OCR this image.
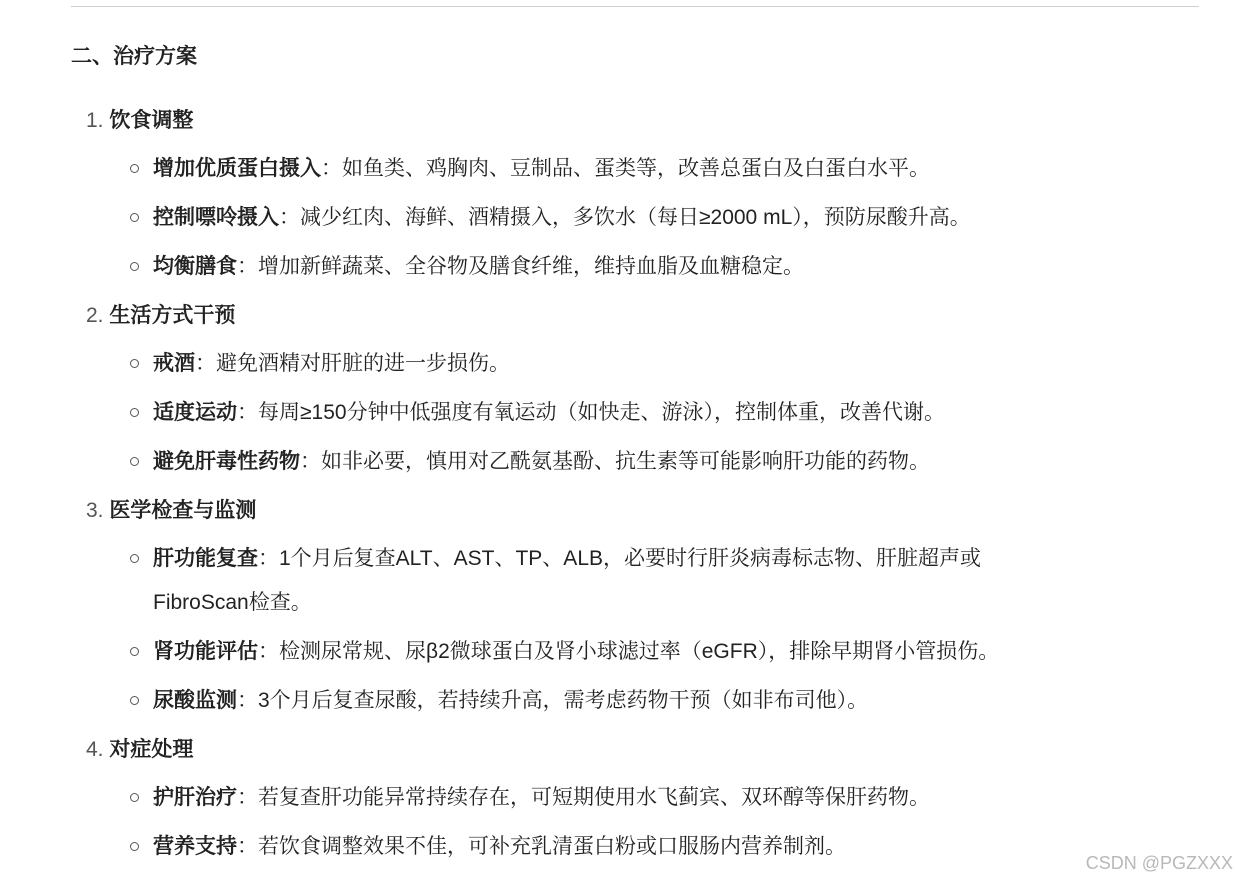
二、治疗方案
1. 饮食调整
增加优质蛋白摄入：如鱼类、鸡胸肉、豆制品、蛋类等，改善总蛋白及白蛋白水平。
控制嘌呤摄入：减少红肉、海鲜、酒精摄入，多饮水（每日≥2000 mL），预防尿酸升高。
均衡膳食：增加新鲜蔬菜、全谷物及膳食纤维，维持血脂及血糖稳定。
2. 生活方式干预
戒酒：避免酒精对肝脏的进一步损伤。
适度运动：每周≥150分钟中低强度有氧运动（如快走、游泳），控制体重，改善代谢。
避免肝毒性药物：如非必要，慎用对乙酰氨基酚、抗生素等可能影响肝功能的药物。
3. 医学检查与监测
肝功能复查：1个月后复查ALT、AST、TP、ALB，必要时行肝炎病毒标志物、肝脏超声或
FibroScan检查。
肾功能评估：检测尿常规、尿β2微球蛋白及肾小球滤过率（eGFR），排除早期肾小管损伤。
尿酸监测：3个月后复查尿酸，若持续升高，需考虑药物干预（如非布司他）。
4. 对症处理
护肝治疗：若复查肝功能异常持续存在，可短期使用水飞蓟宾、双环醇等保肝药物。
营养支持：若饮食调整效果不佳，可补充乳清蛋白粉或口服肠内营养制剂。
CSDN @PGZXXX
